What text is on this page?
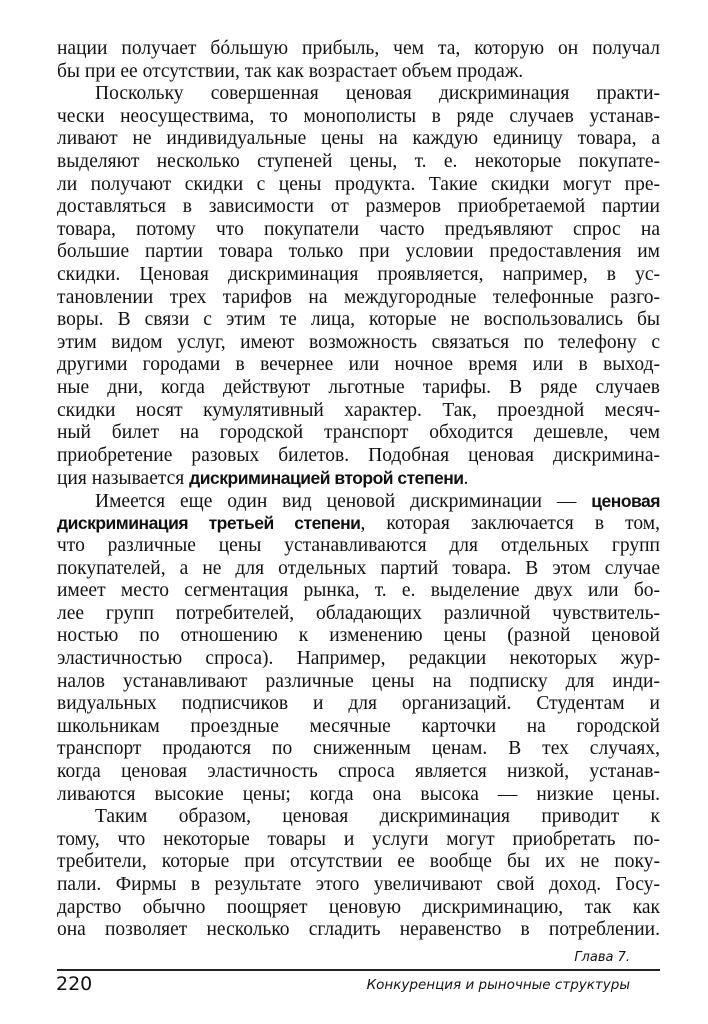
нации получает бóльшую прибыль, чем та, которую он получал
бы при ее отсутствии, так как возрастает объем продаж.
Поскольку совершенная ценовая дискриминация практи-
чески неосуществима, то монополисты в ряде случаев устанав-
ливают не индивидуальные цены на каждую единицу товара, а
выделяют несколько ступеней цены, т. е. некоторые покупате-
ли получают скидки с цены продукта. Такие скидки могут пре-
доставляться в зависимости от размеров приобретаемой партии
товара, потому что покупатели часто предъявляют спрос на
большие партии товара только при условии предоставления им
скидки. Ценовая дискриминация проявляется, например, в ус-
тановлении трех тарифов на междугородные телефонные разго-
воры. В связи с этим те лица, которые не воспользовались бы
этим видом услуг, имеют возможность связаться по телефону с
другими городами в вечернее или ночное время или в выход-
ные дни, когда действуют льготные тарифы. В ряде случаев
скидки носят кумулятивный характер. Так, проездной месяч-
ный билет на городской транспорт обходится дешевле, чем
приобретение разовых билетов. Подобная ценовая дискримина-
ция называется дискриминацией второй степени.
Имеется еще один вид ценовой дискриминации — ценовая
дискриминация третьей степени, которая заключается в том,
что различные цены устанавливаются для отдельных групп
покупателей, а не для отдельных партий товара. В этом случае
имеет место сегментация рынка, т. е. выделение двух или бо-
лее групп потребителей, обладающих различной чувствитель-
ностью по отношению к изменению цены (разной ценовой
эластичностью спроса). Например, редакции некоторых жур-
налов устанавливают различные цены на подписку для инди-
видуальных подписчиков и для организаций. Студентам и
школьникам проездные месячные карточки на городской
транспорт продаются по сниженным ценам. В тех случаях,
когда ценовая эластичность спроса является низкой, устанав-
ливаются высокие цены; когда она высока — низкие цены.
Таким образом, ценовая дискриминация приводит к
тому, что некоторые товары и услуги могут приобретать по-
требители, которые при отсутствии ее вообще бы их не поку-
пали. Фирмы в результате этого увеличивают свой доход. Госу-
дарство обычно поощряет ценовую дискриминацию, так как
она позволяет несколько сгладить неравенство в потреблении.
Глава 7.
220	Конкуренция и рыночные структуры
